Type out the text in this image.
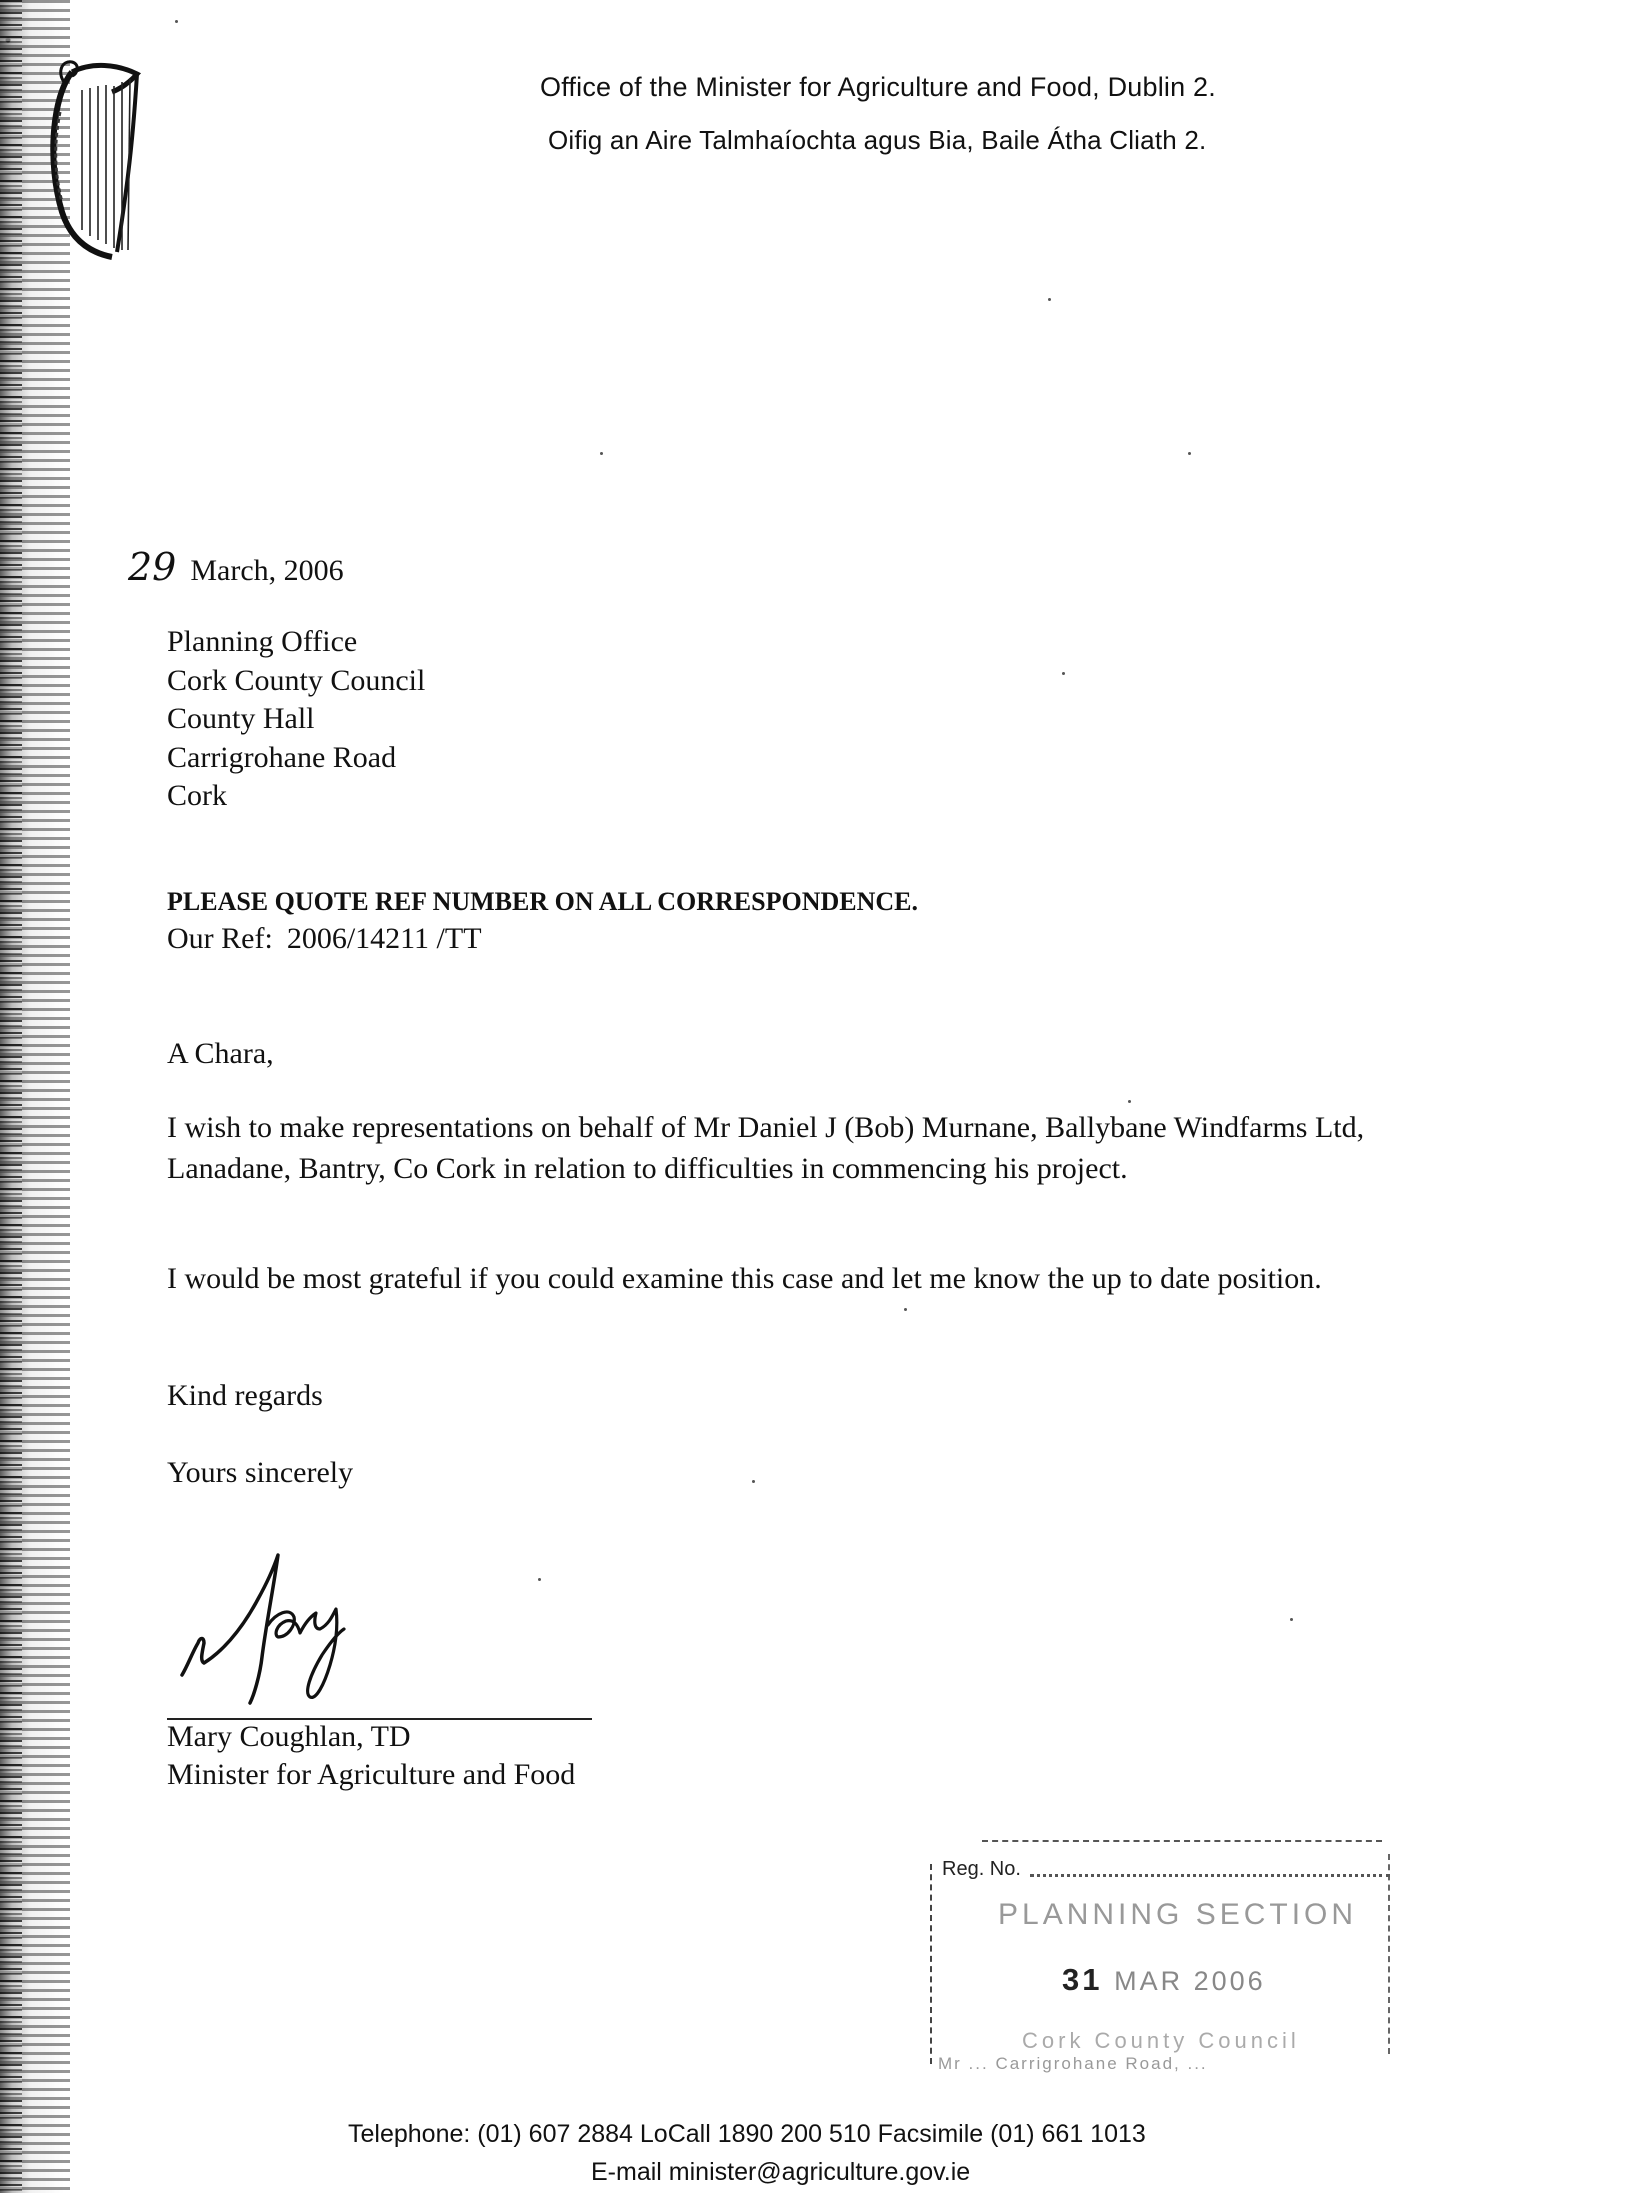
Office of the Minister for Agriculture and Food, Dublin 2.
Oifig an Aire Talmhaíochta agus Bia, Baile Átha Cliath 2.
29 March, 2006
Planning Office
Cork County Council
County Hall
Carrigrohane Road
Cork
PLEASE QUOTE REF NUMBER ON ALL CORRESPONDENCE.
Our Ref: 2006/14211 /TT
A Chara,
I wish to make representations on behalf of Mr Daniel J (Bob) Murnane, Ballybane Windfarms Ltd, Lanadane, Bantry, Co Cork in relation to difficulties in commencing his project.
I would be most grateful if you could examine this case and let me know the up to date position.
Kind regards
Yours sincerely
Mary Coughlan, TD
Minister for Agriculture and Food
Reg. No.
PLANNING SECTION
31 MAR 2006
Cork County Council
Mr ... Carrigrohane Road, ...
Telephone: (01) 607 2884 LoCall 1890 200 510 Facsimile (01) 661 1013
E-mail minister@agriculture.gov.ie
